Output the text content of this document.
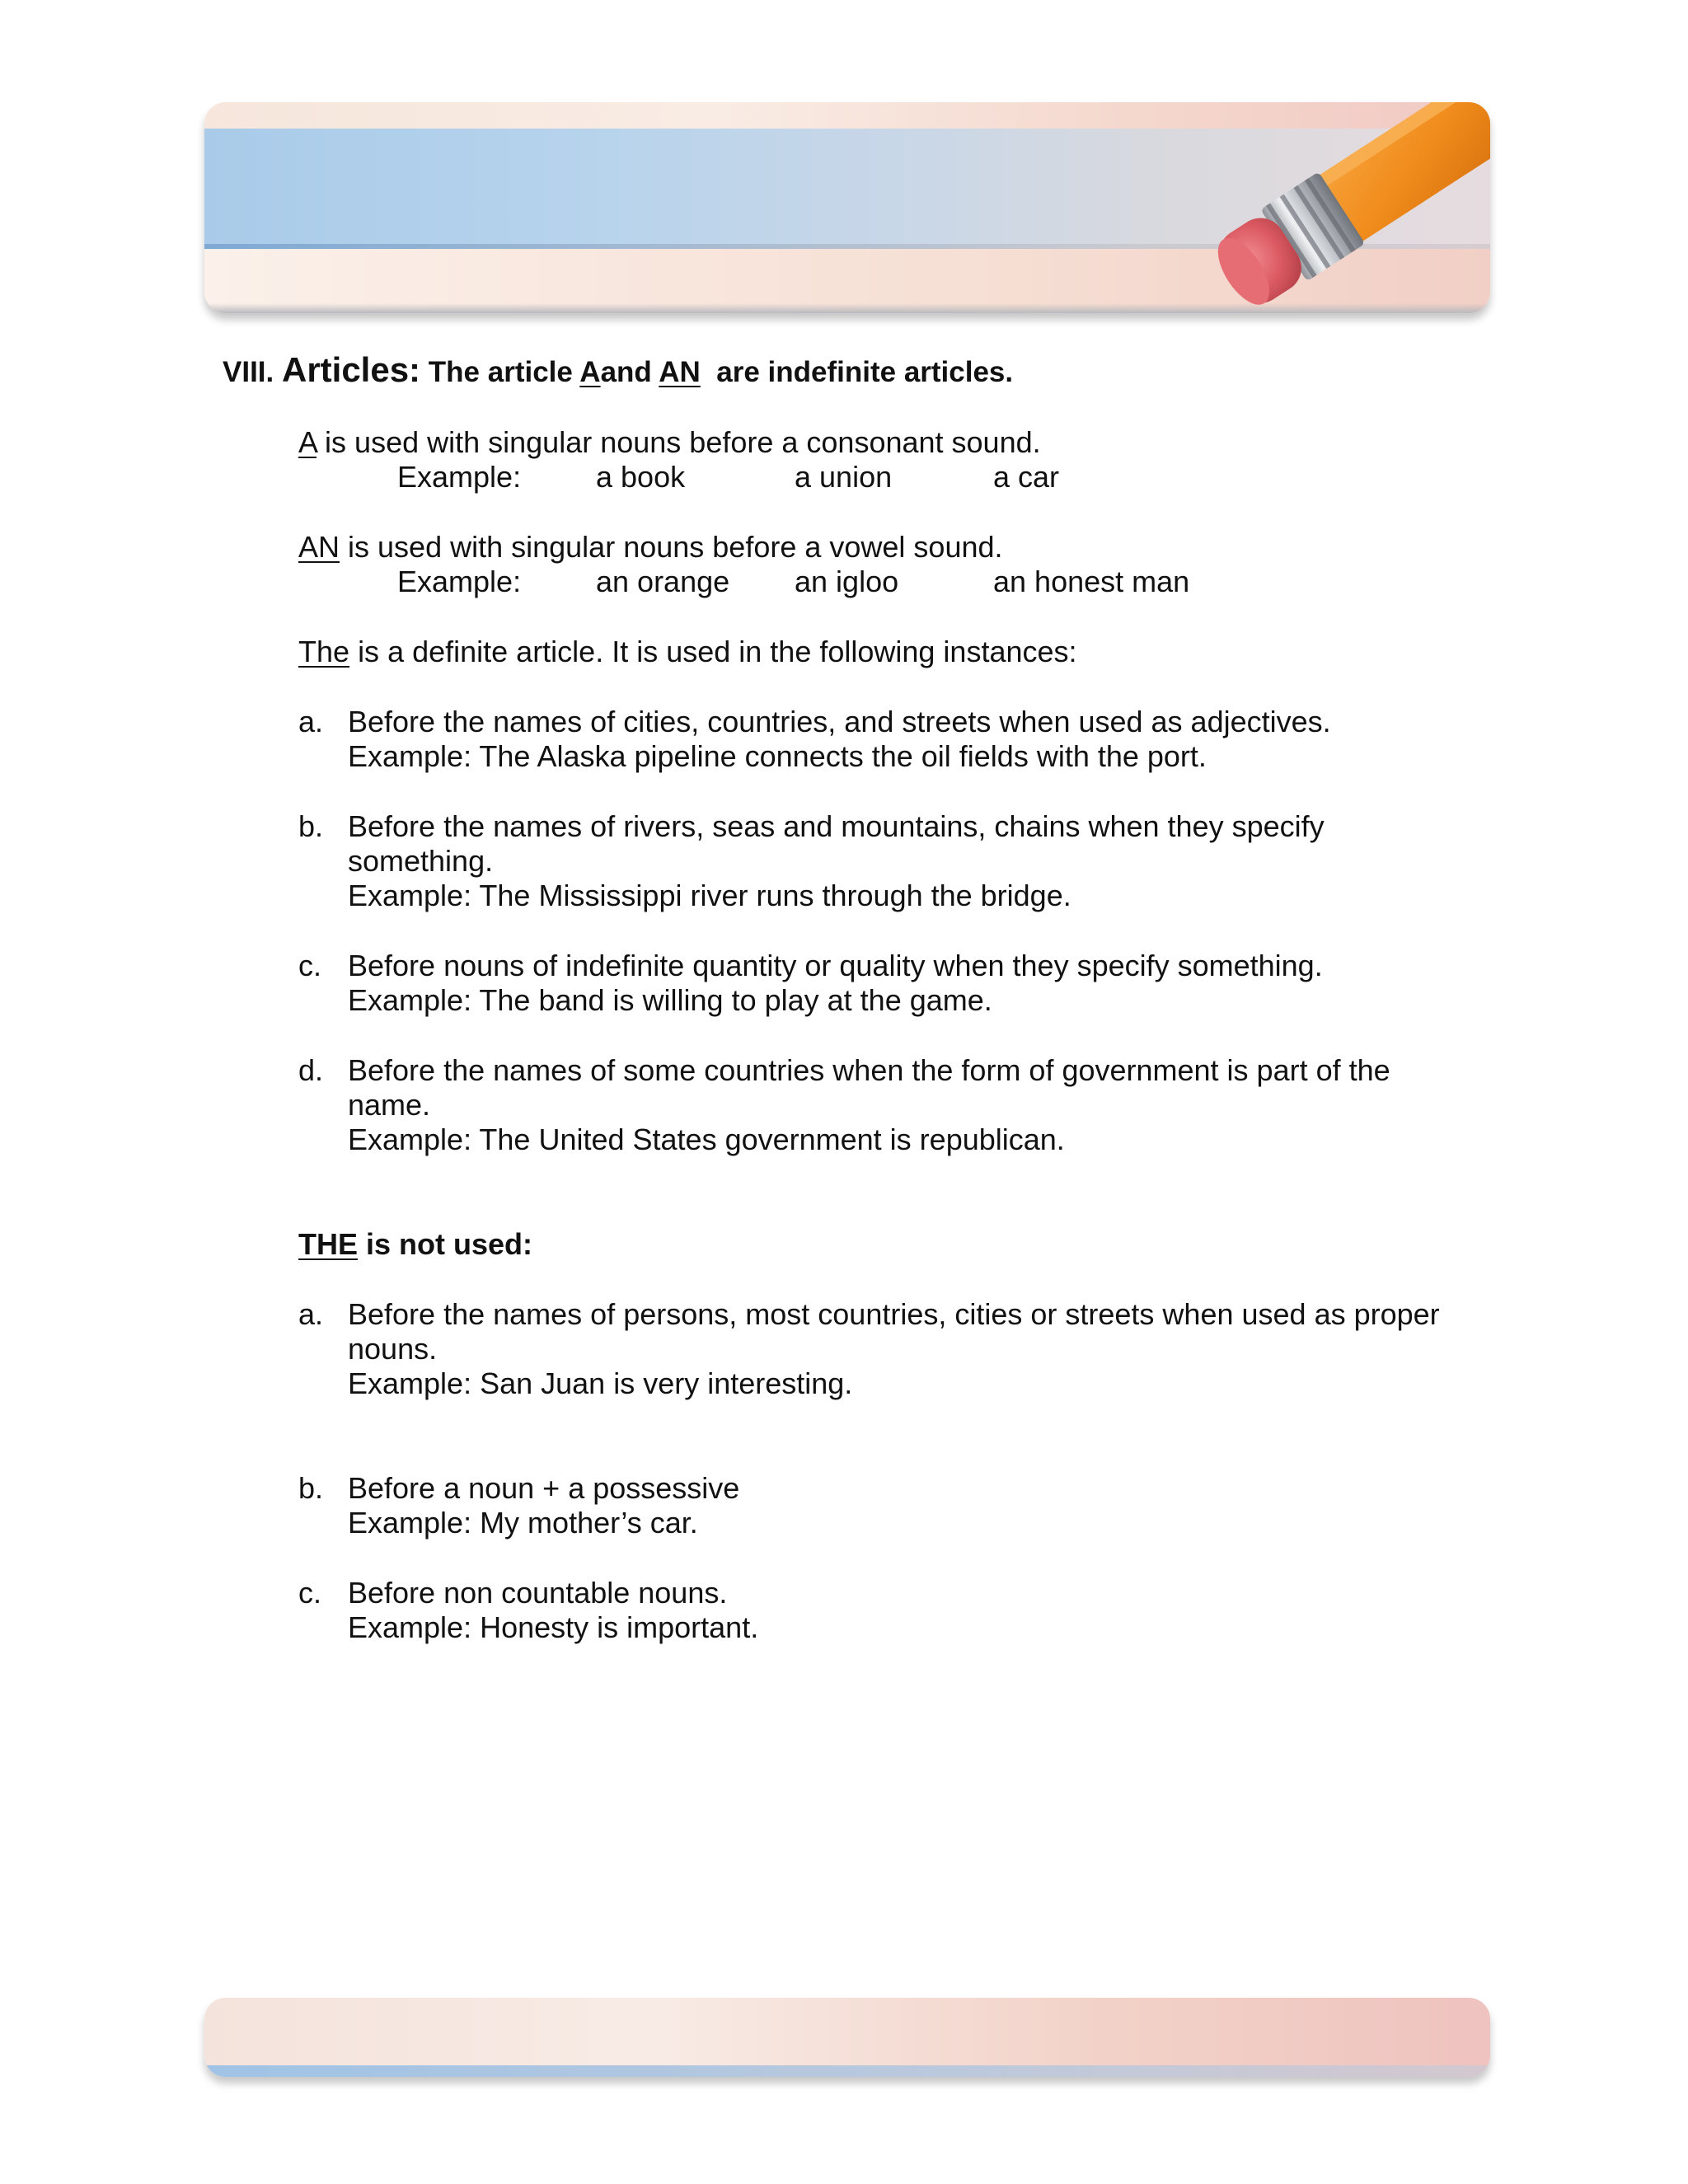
VIII. Articles: The article Aand AN are indefinite articles.
A is used with singular nouns before a consonant sound.
Example:	a book	a union	a car
AN is used with singular nouns before a vowel sound.
Example:	an orange an igloo	an honest man
The is a definite article. It is used in the following instances:
a. Before the names of cities, countries, and streets when used as adjectives.
Example: The Alaska pipeline connects the oil fields with the port.
b. Before the names of rivers, seas and mountains, chains when they specify
something.
Example: The Mississippi river runs through the bridge.
c. Before nouns of indefinite quantity or quality when they specify something.
Example: The band is willing to play at the game.
d. Before the names of some countries when the form of government is part of the
name.
Example: The United States government is republican.
THE is not used:
a. Before the names of persons, most countries, cities or streets when used as proper
nouns.
Example: San Juan is very interesting.
b. Before a noun + a possessive
Example: My mother’s car.
c. Before non countable nouns.
Example: Honesty is important.
